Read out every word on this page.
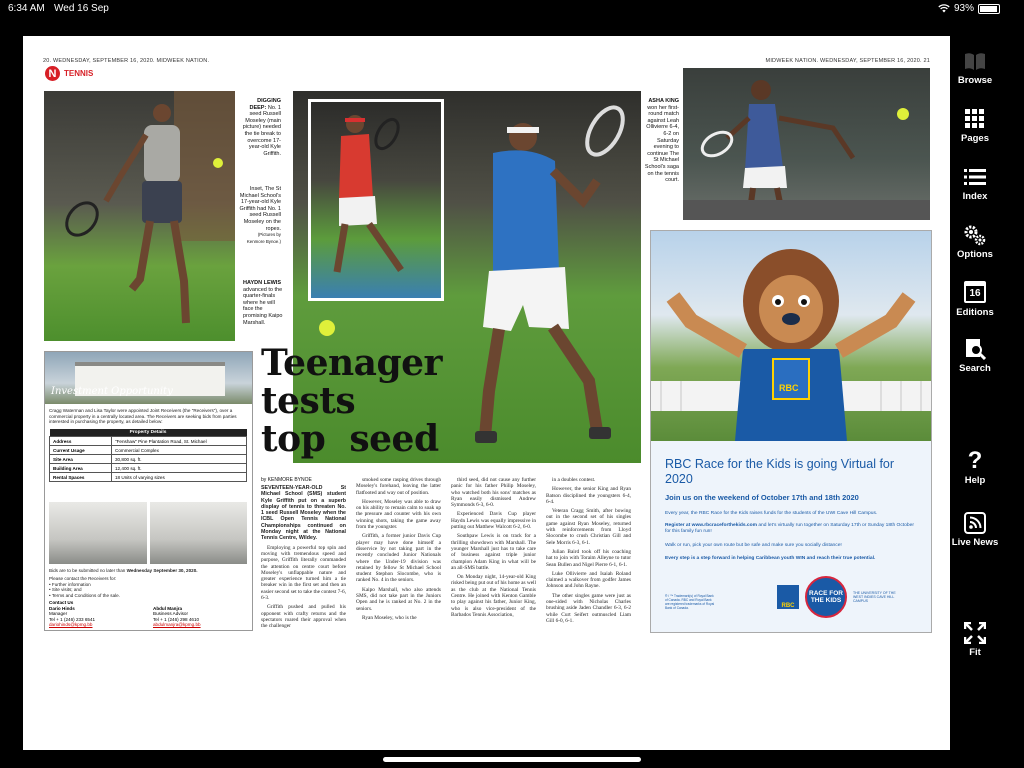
6:34 AM Wed 16 Sep	93%
20. WEDNESDAY, SEPTEMBER 16, 2020. MIDWEEK NATION.	MIDWEEK NATION. WEDNESDAY, SEPTEMBER 16, 2020. 21
N TENNIS
DIGGING DEEP: No. 1 seed Russell Moseley (main picture) needed the tie break to overcome 17-year-old Kyle Griffith.
Inset, The St Michael School's 17-year-old Kyle Griffith had No. 1 seed Russell Moseley on the ropes.
(Pictures by Kenmore Bynoe.)
HAYDN LEWIS advanced to the quarter-finals where he will face the promising Kaipo Marshall.
ASHA KING won her first-round match against Leah Ollivierre 6-4, 6-2 on Saturday evening to continue The St Michael School's saga on the tennis court.
Teenager
tests
top  seed
by KENMORE BYNOE

SEVENTEEN-YEAR-OLD St Michael School (SMS) student Kyle Griffith put on a superb display of tennis to threaten No. 1 seed Russell Moseley when the ICBL Open Tennis National Championships continued on Monday night at the National Tennis Centre, Wildey.

Employing a powerful top spin and moving with tremendous speed and purpose, Griffith literally commanded the attention on centre court before Moseley's unflappable nature and greater experience turned him a tie breaker win in the first set and then an easier second set to take the contest 7-6, 6-3.

Griffith pushed and pulled his opponent with crafty returns and the spectators roared their approval when the challenger

smoked some rasping drives through Moseley's forehand, leaving the latter flatfooted and way out of position.

However, Moseley was able to draw on his ability to remain calm to soak up the pressure and counter with his own winning shots, taking the game away from the youngster.

Griffith, a former junior Davis Cup player may have done himself a disservice by not taking part in the recently concluded Junior Nationals where the Under-19 division was retained by fellow St Michael School student Stephon Slocombe, who is ranked No. 4 in the seniors.

Kaipo Marshall, who also attends SMS, did not take part in the Juniors Open and he is ranked at No. 2 in the seniors.

Ryan Moseley, who is the

third seed, did not cause any further panic for his father Philip Moseley, who watched both his sons' matches as Ryan easily dismissed Andrew Symmonds 6-3, 6-0.

Experienced Davis Cup player Haydn Lewis was equally impressive in putting out Matthew Walcott 6-2, 6-0.

Southpaw Lewis is on track for a thrilling showdown with Marshall. The younger Marshall just has to take care of business against triple junior champion Adam King in what will be an all-SMS battle.

On Monday night, 14-year-old King risked being put out of his home as well as the club at the National Tennis Centre. He joined with Kenton Gamble to play against his father, Junior King, who is also vice-president of the Barbados Tennis Association,

in a doubles contest.

However, the senior King and Ryan Batson disciplined the youngsters 6-4, 6-4.

Veteran Cragg Smith, after bowing out in the second set of his singles game against Ryan Moseley, returned with reinforcements from Lloyd Slocombe to crush Christian Gill and Sele Morris 6-3, 6-1.

Julian Baird took off his coaching hat to join with Toraim Alleyne to tutor Sean Bullen and Nigel Pierre 6-1, 6-1.

Luke Ollivierre and Isaiah Roland claimed a walkover from godfer James Johnson and John Rayne.

The other singles game were just as one-sided with Nicholas Charles brushing aside Jaden Chandler 6-3, 6-2 while Curt Seifert outmuscled Liam Gill 6-0, 6-1.

Investment Opportunity
Cragg Waterman and Lisa Taylor were appointed Joint Receivers (the "Receivers"), over a commercial property in a centrally located area. The Receivers are seeking bids from parties interested in purchasing the property, as detailed below:
Property Details	
Address	"Fenshaw" Pine Plantation Road, St. Michael
Current Usage	Commercial Complex
Site Area	30,800 sq. ft.
Building Area	12,400 sq. ft.
Rental Spaces	18 Units of varying sizes
Bids are to be submitted no later than Wednesday September 30, 2020.
Please contact the Receivers for:
• Further information
• Site visits; and
• Terms and Conditions of the sale.
Contact Us
Dario Hinds
Manager
Tel + 1 (246) 233 6541
dariohinds@kpmg.bb

Abdul Manjra
Business Advisor
Tel + 1 (246) 298 4610
abdulmanjra@kpmg.bb
RBC
RBC Race for the Kids is going Virtual for 2020
Join us on the weekend of October 17th and 18th 2020
Every year, the RBC Race for the Kids raises funds for the students of the UWI Cave Hill Campus.
Register at www.rbcraceforthekids.com and let's virtually run together on Saturday 17th or Sunday 18th October for this family fun run!
Walk or run, pick your own route but be safe and make sure you socially distance!
Every step is a step forward in helping Caribbean youth WIN and reach their true potential.
® / ™ Trademark(s) of Royal Bank of Canada. RBC and Royal Bank are registered trademarks of Royal Bank of Canada.	RBC
RACE FOR THE KIDS
THE UNIVERSITY OF THE WEST INDIES CAVE HILL CAMPUS
Browse
Pages
Index
Options
16
Editions
Search
?
Help
Live News
Fit
